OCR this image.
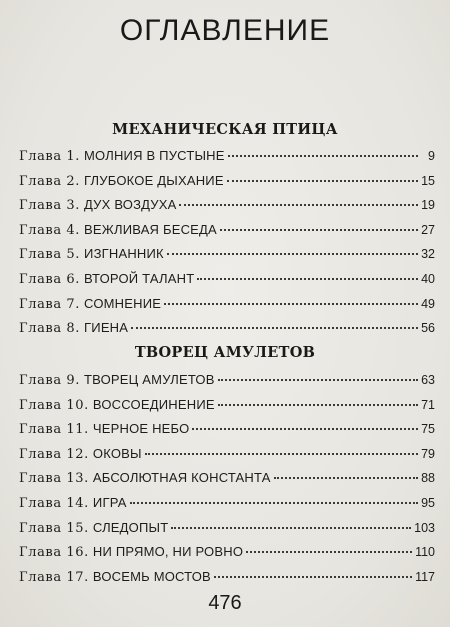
ОГЛАВЛЕНИЕ
МЕХАНИЧЕСКАЯ ПТИЦА
Глава 1. МОЛНИЯ В ПУСТЫНЕ	9
Глава 2. ГЛУБОКОЕ ДЫХАНИЕ	15
Глава 3. ДУХ ВОЗДУХА	19
Глава 4. ВЕЖЛИВАЯ БЕСЕДА	27
Глава 5. ИЗГНАННИК	32
Глава 6. ВТОРОЙ ТАЛАНТ	40
Глава 7. СОМНЕНИЕ	49
Глава 8. ГИЕНА	56
ТВОРЕЦ АМУЛЕТОВ
Глава 9. ТВОРЕЦ АМУЛЕТОВ	63
Глава 10. ВОССОЕДИНЕНИЕ	71
Глава 11. ЧЕРНОЕ НЕБО	75
Глава 12. ОКОВЫ	79
Глава 13. АБСОЛЮТНАЯ КОНСТАНТА	88
Глава 14. ИГРА	95
Глава 15. СЛЕДОПЫТ	103
Глава 16. НИ ПРЯМО, НИ РОВНО	110
Глава 17. ВОСЕМЬ МОСТОВ	117
476
